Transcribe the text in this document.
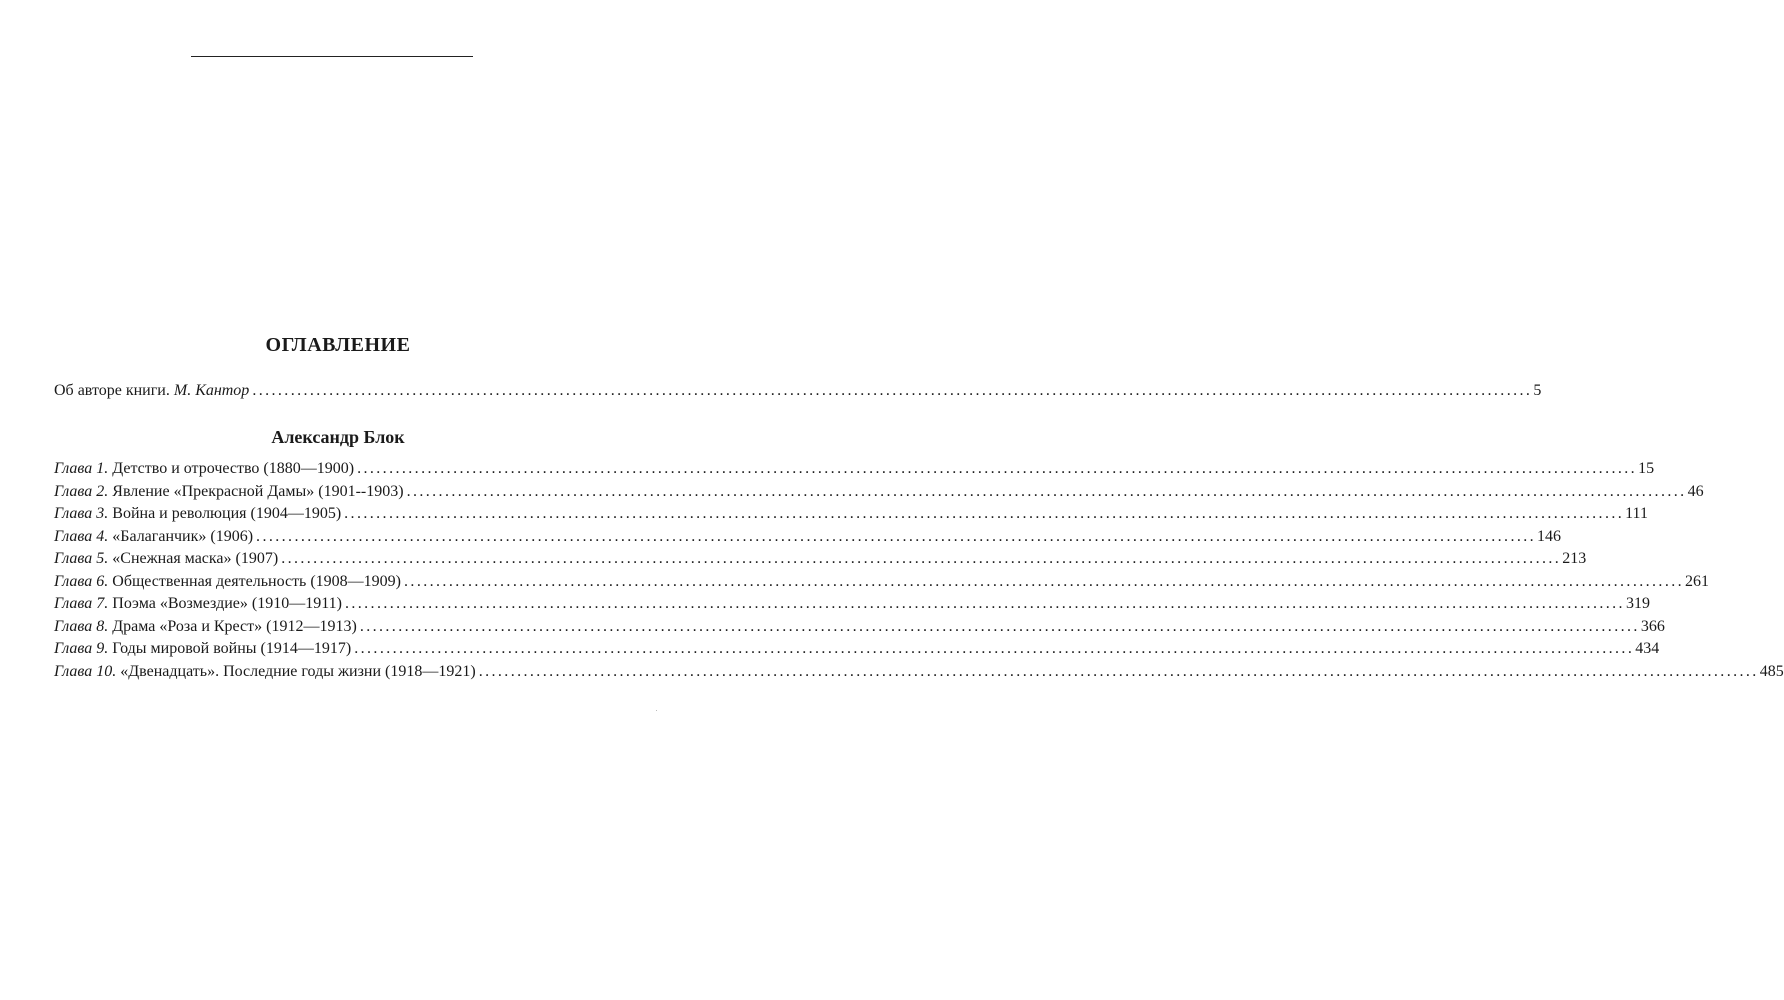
ОГЛАВЛЕНИЕ
Об авторе книги. М. Кантор ........................................................................................................................................................................................................ 5
Александр Блок
Глава 1. Детство и отрочество (1880—1900) ........................................................................................................................................................................................................ 15
Глава 2. Явление «Прекрасной Дамы» (1901--1903) ........................................................................................................................................................................................................ 46
Глава 3. Война и революция (1904—1905) ........................................................................................................................................................................................................ 111
Глава 4. «Балаганчик» (1906) ........................................................................................................................................................................................................ 146
Глава 5. «Снежная маска» (1907) ........................................................................................................................................................................................................ 213
Глава 6. Общественная деятельность (1908—1909) ........................................................................................................................................................................................................ 261
Глава 7. Поэма «Возмездие» (1910—1911) ........................................................................................................................................................................................................ 319
Глава 8. Драма «Роза и Крест» (1912—1913) ........................................................................................................................................................................................................ 366
Глава 9. Годы мировой войны (1914—1917) ........................................................................................................................................................................................................ 434
Глава 10. «Двенадцать». Последние годы жизни (1918—1921) ........................................................................................................................................................................................................ 485
